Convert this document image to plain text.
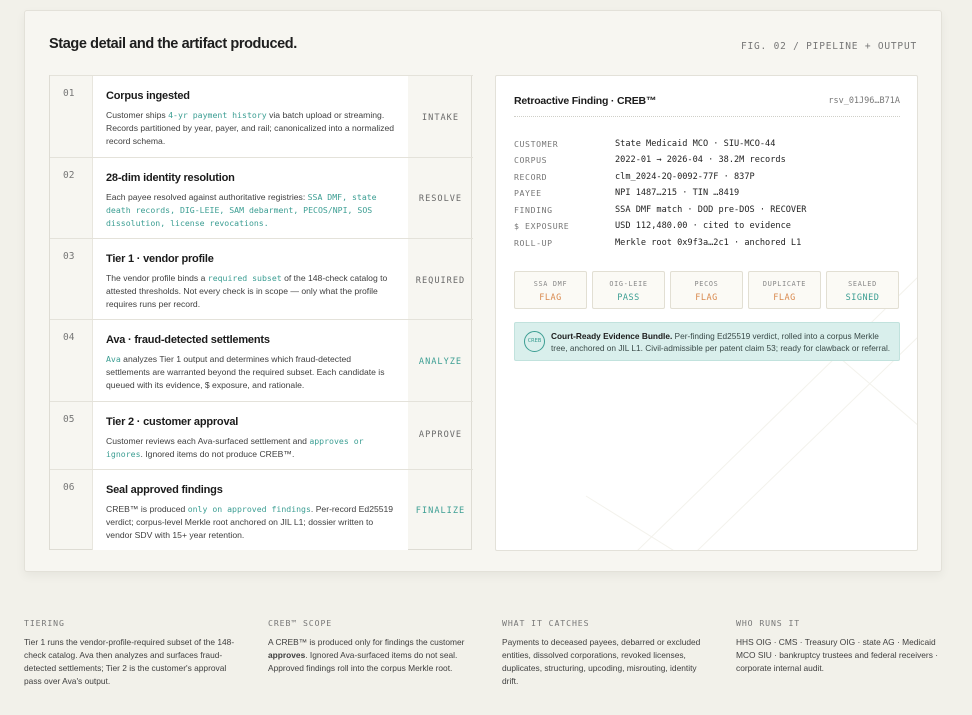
Stage detail and the artifact produced.	FIG. 02 / PIPELINE + OUTPUT
01	Corpus ingested
Customer ships 4-yr payment history via batch upload or streaming. Records partitioned by year, payer, and rail; canonicalized into a normalized record schema.
INTAKE
02	28-dim identity resolution
Each payee resolved against authoritative registries: SSA DMF, state death records, DIG-LEIE, SAM debarment, PECOS/NPI, SOS dissolution, license revocations.
RESOLVE
03	Tier 1 · vendor profile
The vendor profile binds a required subset of the 148-check catalog to attested thresholds. Not every check is in scope — only what the profile requires runs per record.
REQUIRED
04	Ava · fraud-detected settlements
Ava analyzes Tier 1 output and determines which fraud-detected settlements are warranted beyond the required subset. Each candidate is queued with its evidence, $ exposure, and rationale.
ANALYZE
05	Tier 2 · customer approval
Customer reviews each Ava-surfaced settlement and approves or ignores. Ignored items do not produce CREB™.
APPROVE
06	Seal approved findings
CREB™ is produced only on approved findings. Per-record Ed25519 verdict; corpus-level Merkle root anchored on JIL L1; dossier written to vendor SDV with 15+ year retention.
FINALIZE
Retroactive Finding · CREB™	rsv_01J96…B71A
CUSTOMER	State Medicaid MCO · SIU-MCO-44
CORPUS	2022-01 → 2026-04 · 38.2M records
RECORD	clm_2024-2Q-0092-77F · 837P
PAYEE	NPI 1487…215 · TIN …8419
FINDING	SSA DMF match · DOD pre-DOS · RECOVER
$ EXPOSURE	USD 112,480.00 · cited to evidence
ROLL-UP	Merkle root 0x9f3a…2c1 · anchored L1
SSA DMF
FLAG
OIG-LEIE
PASS
PECOS
FLAG
DUPLICATE
FLAG
SEALED
SIGNED
CREB	Court-Ready Evidence Bundle. Per-finding Ed25519 verdict, rolled into a corpus Merkle tree, anchored on JIL L1. Civil-admissible per patent claim 53; ready for clawback or referral.
TIERING
Tier 1 runs the vendor-profile-required subset of the 148-check catalog. Ava then analyzes and surfaces fraud-detected settlements; Tier 2 is the customer's approval pass over Ava's output.
CREB™ SCOPE
A CREB™ is produced only for findings the customer approves. Ignored Ava-surfaced items do not seal. Approved findings roll into the corpus Merkle root.
WHAT IT CATCHES
Payments to deceased payees, debarred or excluded entities, dissolved corporations, revoked licenses, duplicates, structuring, upcoding, misrouting, identity drift.
WHO RUNS IT
HHS OIG · CMS · Treasury OIG · state AG · Medicaid MCO SIU · bankruptcy trustees and federal receivers · corporate internal audit.
